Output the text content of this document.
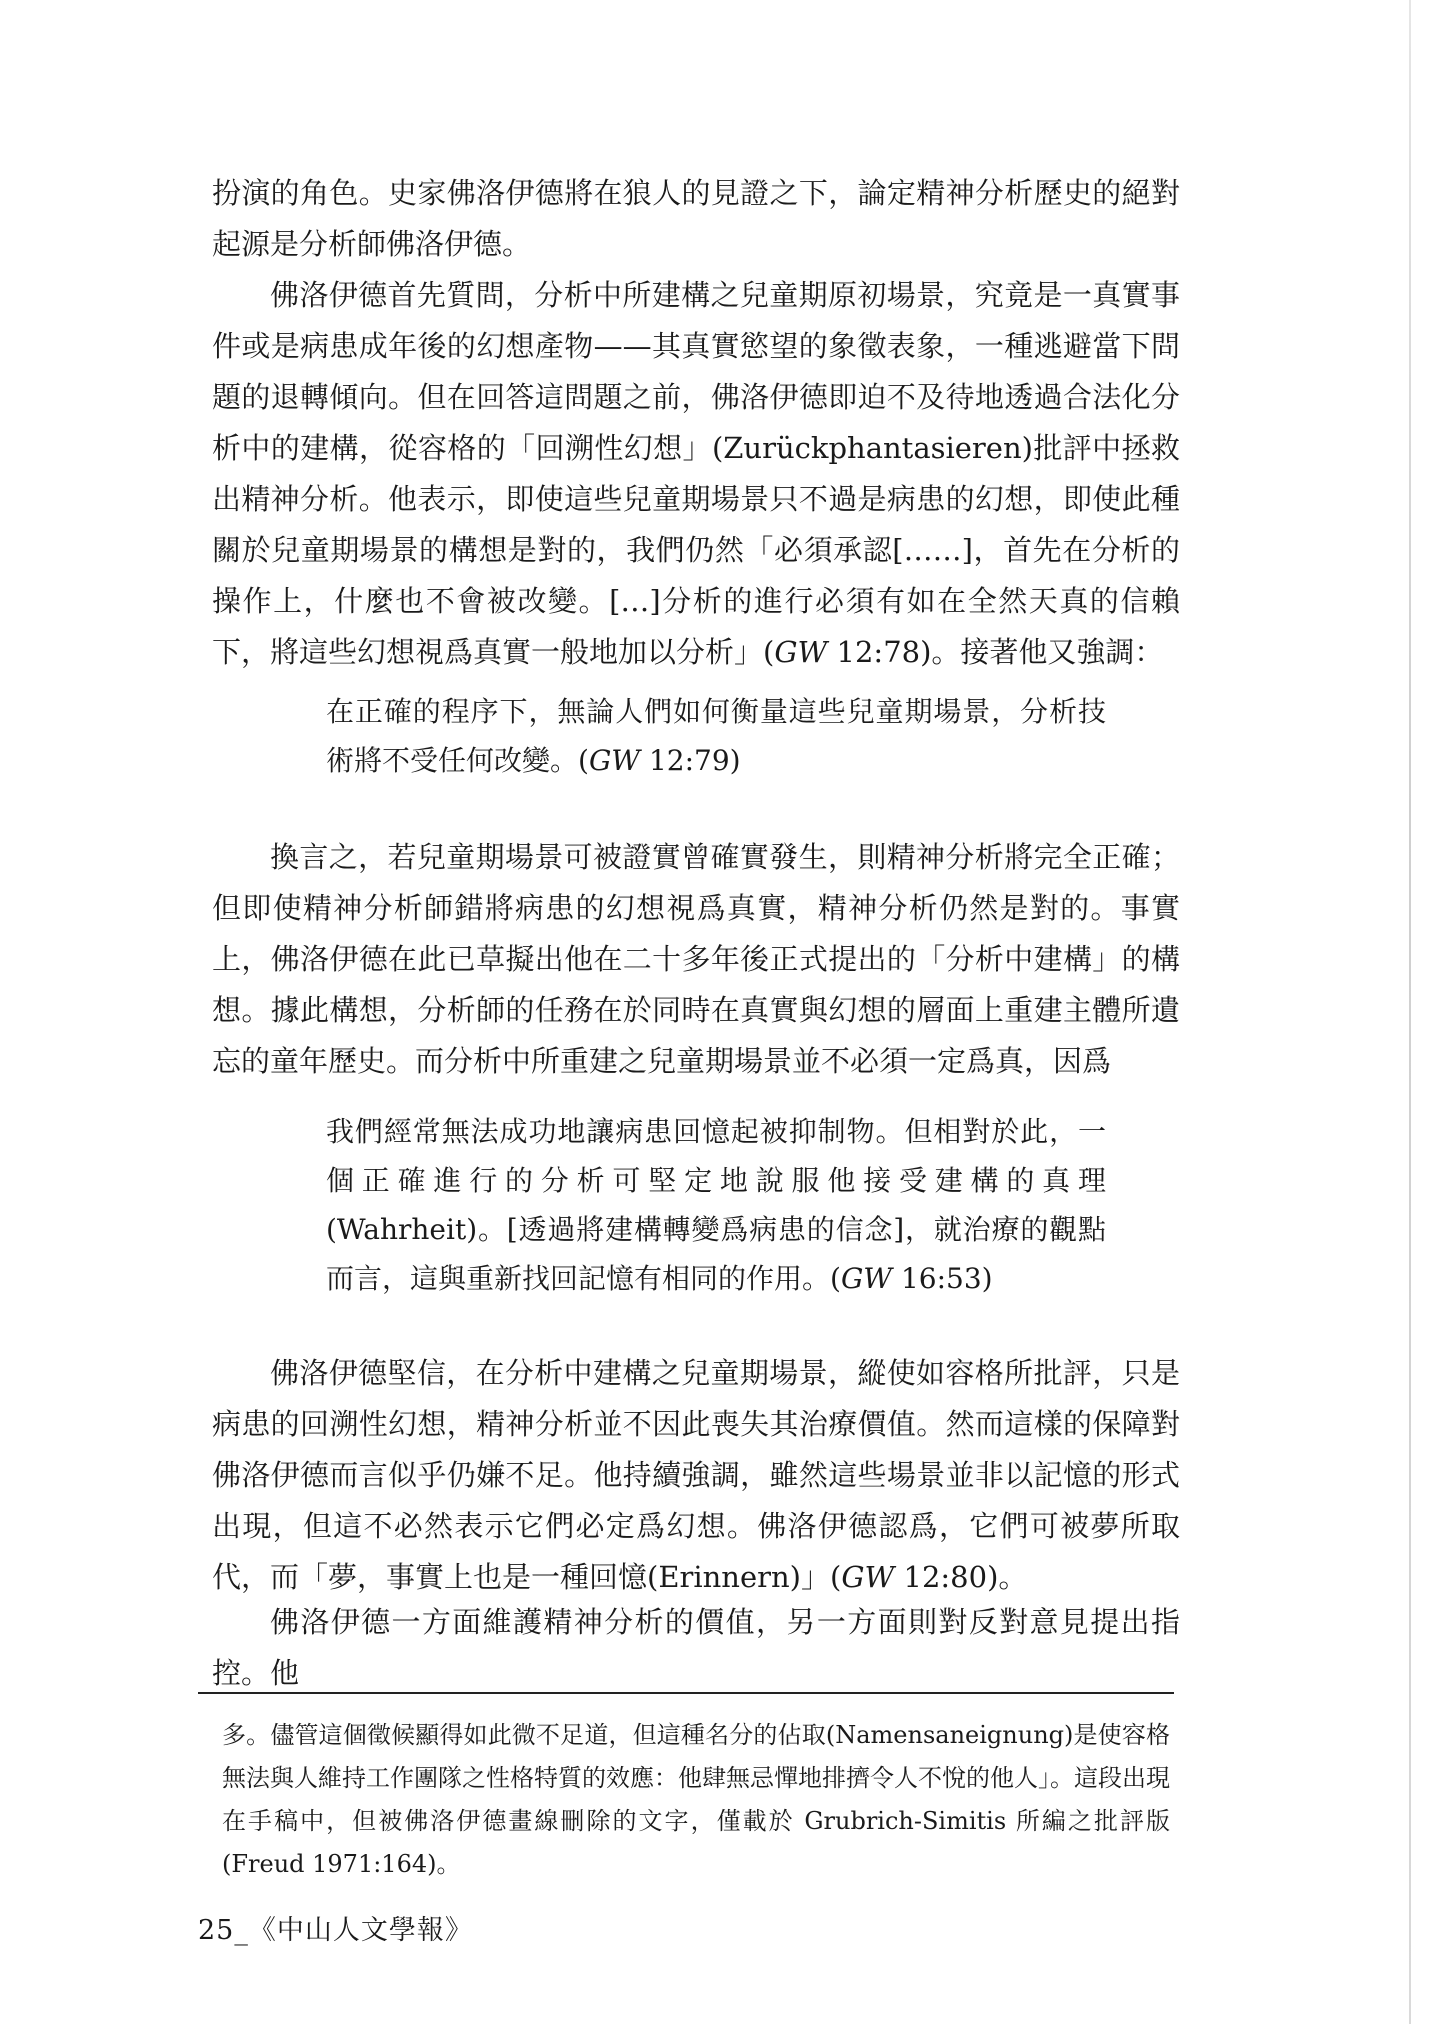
扮演的角色。史家佛洛伊德將在狼人的見證之下，論定精神分析歷史的絕對起源是分析師佛洛伊德。

佛洛伊德首先質問，分析中所建構之兒童期原初場景，究竟是一真實事件或是病患成年後的幻想產物——其真實慾望的象徵表象，一種逃避當下問題的退轉傾向。但在回答這問題之前，佛洛伊德即迫不及待地透過合法化分析中的建構，從容格的「回溯性幻想」(Zurückphantasieren)批評中拯救出精神分析。他表示，即使這些兒童期場景只不過是病患的幻想，即使此種關於兒童期場景的構想是對的，我們仍然「必須承認[……]，首先在分析的操作上，什麼也不會被改變。[…]分析的進行必須有如在全然天真的信賴下，將這些幻想視爲真實一般地加以分析」(GW 12:78)。接著他又強調：

在正確的程序下，無論人們如何衡量這些兒童期場景，分析技術將不受任何改變。(GW 12:79)

換言之，若兒童期場景可被證實曾確實發生，則精神分析將完全正確；但即使精神分析師錯將病患的幻想視爲真實，精神分析仍然是對的。事實上，佛洛伊德在此已草擬出他在二十多年後正式提出的「分析中建構」的構想。據此構想，分析師的任務在於同時在真實與幻想的層面上重建主體所遺忘的童年歷史。而分析中所重建之兒童期場景並不必須一定爲真，因爲

我們經常無法成功地讓病患回憶起被抑制物。但相對於此，一個正確進行的分析可堅定地說服他接受建構的真理(Wahrheit)。[透過將建構轉變爲病患的信念]，就治療的觀點而言，這與重新找回記憶有相同的作用。(GW 16:53)

佛洛伊德堅信，在分析中建構之兒童期場景，縱使如容格所批評，只是病患的回溯性幻想，精神分析並不因此喪失其治療價值。然而這樣的保障對佛洛伊德而言似乎仍嫌不足。他持續強調，雖然這些場景並非以記憶的形式出現，但這不必然表示它們必定爲幻想。佛洛伊德認爲，它們可被夢所取代，而「夢，事實上也是一種回憶(Erinnern)」(GW 12:80)。

佛洛伊德一方面維護精神分析的價值，另一方面則對反對意見提出指控。他

多。儘管這個徵候顯得如此微不足道，但這種名分的佔取(Namensaneignung)是使容格無法與人維持工作團隊之性格特質的效應：他肆無忌憚地排擠令人不悅的他人」。這段出現在手稿中，但被佛洛伊德畫線刪除的文字，僅載於 Grubrich-Simitis 所編之批評版(Freud 1971:164)。

25_《中山人文學報》
